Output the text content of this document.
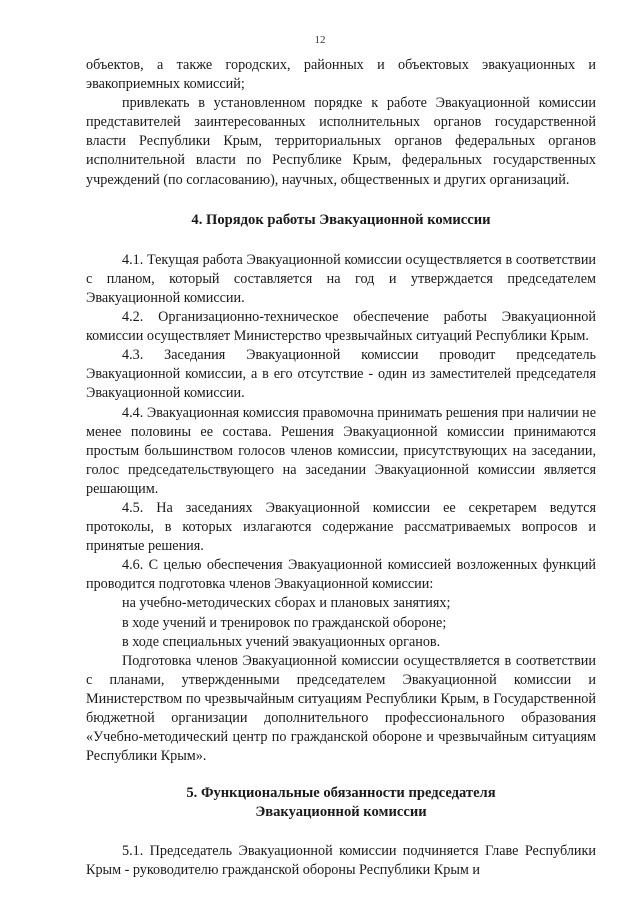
12

объектов, а также городских, районных и объектовых эвакуационных и эвакоприемных комиссий;

привлекать в установленном порядке к работе Эвакуационной комиссии представителей заинтересованных исполнительных органов государственной власти Республики Крым, территориальных органов федеральных органов исполнительной власти по Республике Крым, федеральных государственных учреждений (по согласованию), научных, общественных и других организаций.

4. Порядок работы Эвакуационной комиссии

4.1. Текущая работа Эвакуационной комиссии осуществляется в соответствии с планом, который составляется на год и утверждается председателем Эвакуационной комиссии.

4.2. Организационно-техническое обеспечение работы Эвакуационной комиссии осуществляет Министерство чрезвычайных ситуаций Республики Крым.

4.3. Заседания Эвакуационной комиссии проводит председатель Эвакуационной комиссии, а в его отсутствие - один из заместителей председателя Эвакуационной комиссии.

4.4. Эвакуационная комиссия правомочна принимать решения при наличии не менее половины ее состава. Решения Эвакуационной комиссии принимаются простым большинством голосов членов комиссии, присутствующих на заседании, голос председательствующего на заседании Эвакуационной комиссии является решающим.

4.5. На заседаниях Эвакуационной комиссии ее секретарем ведутся протоколы, в которых излагаются содержание рассматриваемых вопросов и принятые решения.

4.6. С целью обеспечения Эвакуационной комиссией возложенных функций проводится подготовка членов Эвакуационной комиссии:

на учебно-методических сборах и плановых занятиях;

в ходе учений и тренировок по гражданской обороне;

в ходе специальных учений эвакуационных органов.

Подготовка членов Эвакуационной комиссии осуществляется в соответствии с планами, утвержденными председателем Эвакуационной комиссии и Министерством по чрезвычайным ситуациям Республики Крым, в Государственной бюджетной организации дополнительного профессионального образования «Учебно-методический центр по гражданской обороне и чрезвычайным ситуациям Республики Крым».

5. Функциональные обязанности председателя
Эвакуационной комиссии

5.1. Председатель Эвакуационной комиссии подчиняется Главе Республики Крым - руководителю гражданской обороны Республики Крым и
